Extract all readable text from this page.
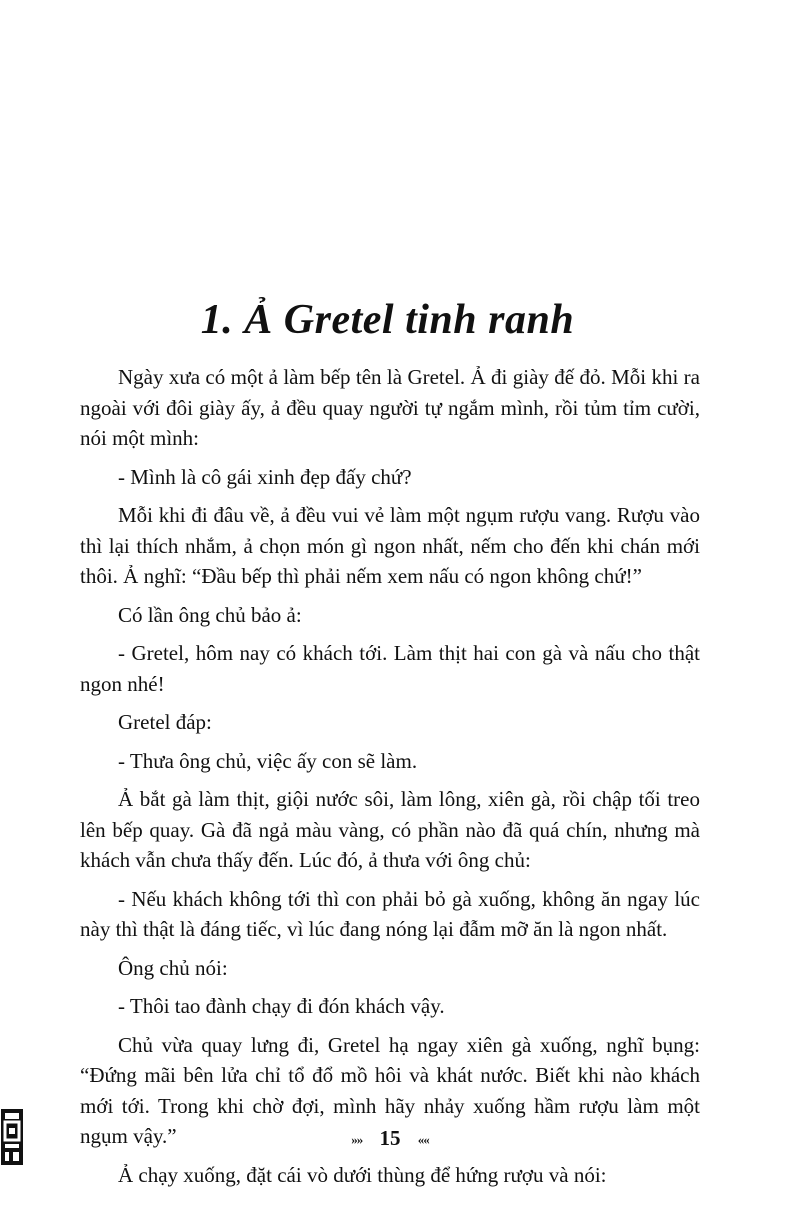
1. Ả Gretel tinh ranh

Ngày xưa có một ả làm bếp tên là Gretel. Ả đi giày đế đỏ. Mỗi khi ra ngoài với đôi giày ấy, ả đều quay người tự ngắm mình, rồi tủm tỉm cười, nói một mình:

- Mình là cô gái xinh đẹp đấy chứ?

Mỗi khi đi đâu về, ả đều vui vẻ làm một ngụm rượu vang. Rượu vào thì lại thích nhắm, ả chọn món gì ngon nhất, nếm cho đến khi chán mới thôi. Ả nghĩ: “Đầu bếp thì phải nếm xem nấu có ngon không chứ!”

Có lần ông chủ bảo ả:

- Gretel, hôm nay có khách tới. Làm thịt hai con gà và nấu cho thật ngon nhé!

Gretel đáp:

- Thưa ông chủ, việc ấy con sẽ làm.

Ả bắt gà làm thịt, giội nước sôi, làm lông, xiên gà, rồi chập tối treo lên bếp quay. Gà đã ngả màu vàng, có phần nào đã quá chín, nhưng mà khách vẫn chưa thấy đến. Lúc đó, ả thưa với ông chủ:

- Nếu khách không tới thì con phải bỏ gà xuống, không ăn ngay lúc này thì thật là đáng tiếc, vì lúc đang nóng lại đẫm mỡ ăn là ngon nhất.

Ông chủ nói:

- Thôi tao đành chạy đi đón khách vậy.

Chủ vừa quay lưng đi, Gretel hạ ngay xiên gà xuống, nghĩ bụng: “Đứng mãi bên lửa chỉ tổ đổ mồ hôi và khát nước. Biết khi nào khách mới tới. Trong khi chờ đợi, mình hãy nhảy xuống hầm rượu làm một ngụm vậy.”

Ả chạy xuống, đặt cái vò dưới thùng để hứng rượu và nói:

»» 15 ««
